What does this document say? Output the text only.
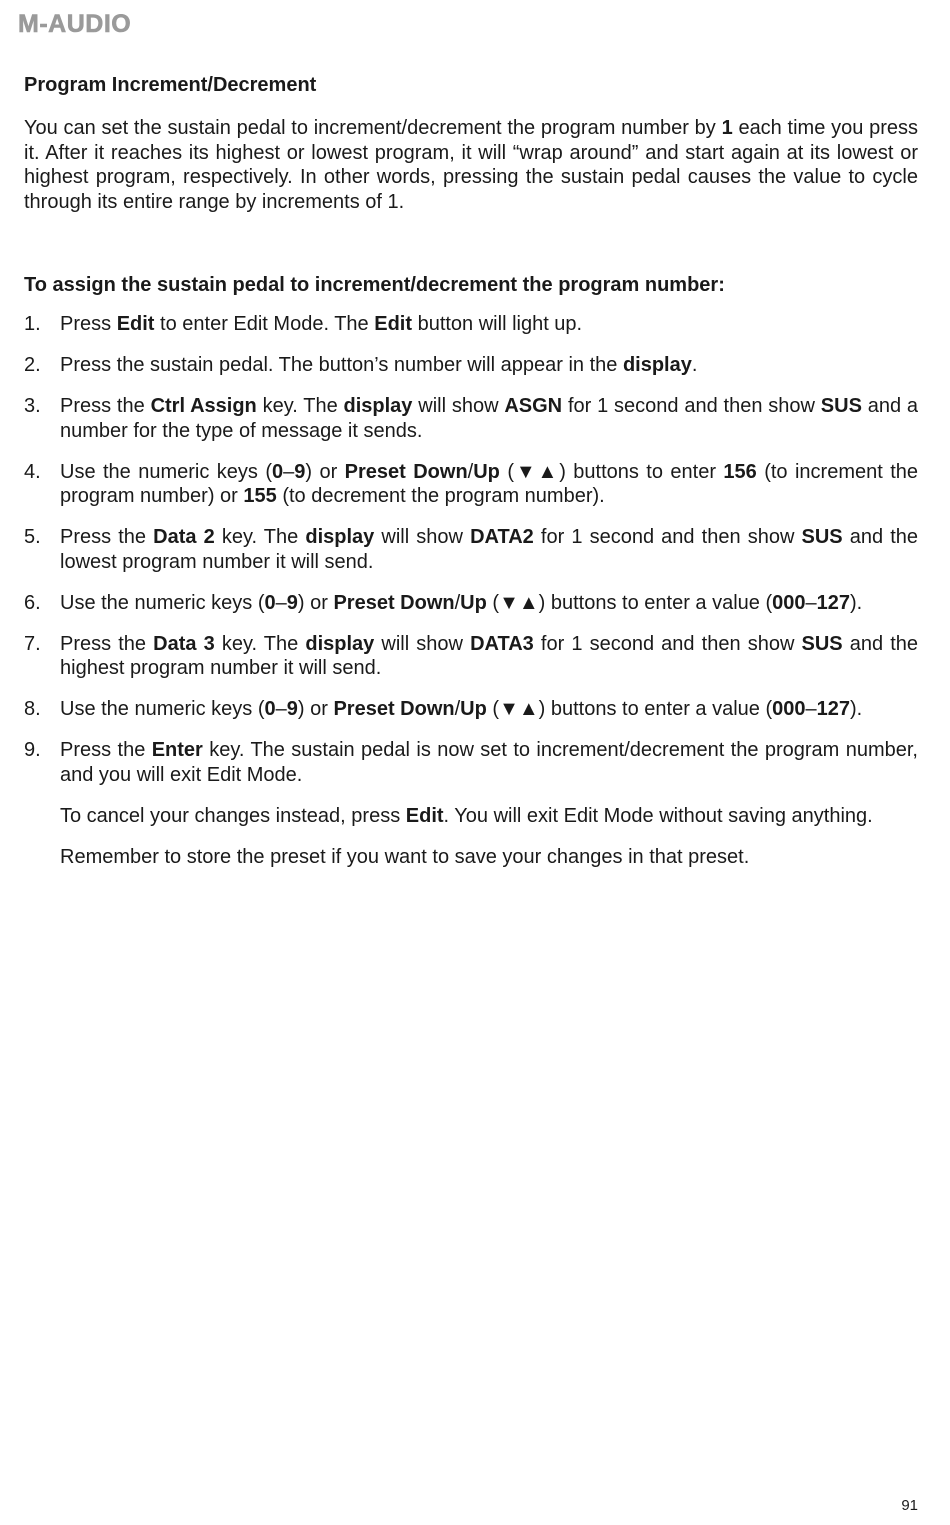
M-AUDIO
Program Increment/Decrement

You can set the sustain pedal to increment/decrement the program number by 1 each time you press it. After it reaches its highest or lowest program, it will “wrap around” and start again at its lowest or highest program, respectively. In other words, pressing the sustain pedal causes the value to cycle through its entire range by increments of 1.

To assign the sustain pedal to increment/decrement the program number:
1. Press Edit to enter Edit Mode. The Edit button will light up.
2. Press the sustain pedal. The button’s number will appear in the display.
3. Press the Ctrl Assign key. The display will show ASGN for 1 second and then show SUS and a number for the type of message it sends.
4. Use the numeric keys (0–9) or Preset Down/Up (▼▲) buttons to enter 156 (to increment the program number) or 155 (to decrement the program number).
5. Press the Data 2 key. The display will show DATA2 for 1 second and then show SUS and the lowest program number it will send.
6. Use the numeric keys (0–9) or Preset Down/Up (▼▲) buttons to enter a value (000–127).
7. Press the Data 3 key. The display will show DATA3 for 1 second and then show SUS and the highest program number it will send.
8. Use the numeric keys (0–9) or Preset Down/Up (▼▲) buttons to enter a value (000–127).
9. Press the Enter key. The sustain pedal is now set to increment/decrement the program number, and you will exit Edit Mode.

To cancel your changes instead, press Edit. You will exit Edit Mode without saving anything.

Remember to store the preset if you want to save your changes in that preset.

91
